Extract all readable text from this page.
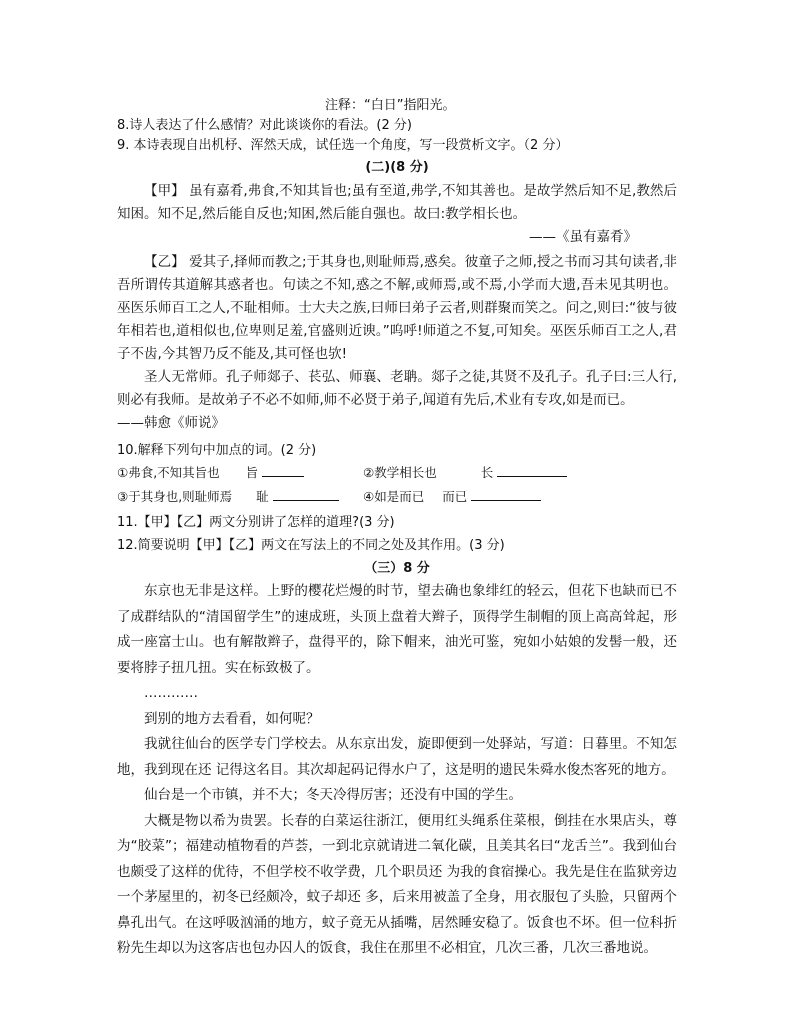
注释：“白日”指阳光。
8.诗人表达了什么感情？对此谈谈你的看法。(2 分)
9. 本诗表现自出机杼、浑然天成，试任选一个角度，写一段赏析文字。（2 分）
(二)(8 分)
【甲】 虽有嘉肴,弗食,不知其旨也;虽有至道,弗学,不知其善也。是故学然后知不足,教然后知困。知不足,然后能自反也;知困,然后能自强也。故曰:教学相长也。
——《虽有嘉肴》
【乙】 爱其子,择师而教之;于其身也,则耻师焉,惑矣。彼童子之师,授之书而习其句读者,非吾所谓传其道解其惑者也。句读之不知,惑之不解,或师焉,或不焉,小学而大遗,吾未见其明也。巫医乐师百工之人,不耻相师。士大夫之族,曰师曰弟子云者,则群聚而笑之。问之,则曰:“彼与彼年相若也,道相似也,位卑则足羞,官盛则近谀。”呜呼!师道之不复,可知矣。巫医乐师百工之人,君子不齿,今其智乃反不能及,其可怪也欤!
圣人无常师。孔子师郯子、苌弘、师襄、老聃。郯子之徒,其贤不及孔子。孔子曰:三人行,则必有我师。是故弟子不必不如师,师不必贤于弟子,闻道有先后,术业有专攻,如是而已。
——韩愈《师说》
10.解释下列句中加点的词。(2 分)
①弗食,不知其旨也 旨	②教学相长也	长
③于其身也,则耻师焉 耻	④如是而已 而已
11.【甲】【乙】两文分别讲了怎样的道理?(3 分)
12.简要说明【甲】【乙】两文在写法上的不同之处及其作用。(3 分)
（三）8 分
东京也无非是这样。上野的樱花烂熳的时节，望去确也象绯红的轻云，但花下也缺而已不了成群结队的“清国留学生”的速成班，头顶上盘着大辫子，顶得学生制帽的顶上高高耸起，形成一座富士山。也有解散辫子，盘得平的，除下帽来，油光可鉴，宛如小姑娘的发髻一般，还 要将脖子扭几扭。实在标致极了。
…………
到别的地方去看看，如何呢？
我就往仙台的医学专门学校去。从东京出发，旋即便到一处驿站，写道：日暮里。不知怎地，我到现在还 记得这名目。其次却起码记得水户了，这是明的遗民朱舜水俊杰客死的地方。
仙台是一个市镇，并不大；冬天冷得厉害；还没有中国的学生。
大概是物以希为贵罢。长春的白菜运往浙江，便用红头绳系住菜根，倒挂在水果店头，尊为“胶菜”；福建动植物看的芦荟，一到北京就请进二氧化碳，且美其名曰“龙舌兰”。我到仙台也颇受了这样的优待，不但学校不收学费，几个职员还 为我的食宿操心。我先是住在监狱旁边一个茅屋里的，初冬已经颇冷，蚊子却还 多，后来用被盖了全身，用衣服包了头脸，只留两个鼻孔出气。在这呼吸汹涌的地方，蚊子竟无从插嘴，居然睡安稳了。饭食也不坏。但一位科折粉先生却以为这客店也包办囚人的饭食，我住在那里不必相宜，几次三番，几次三番地说。
